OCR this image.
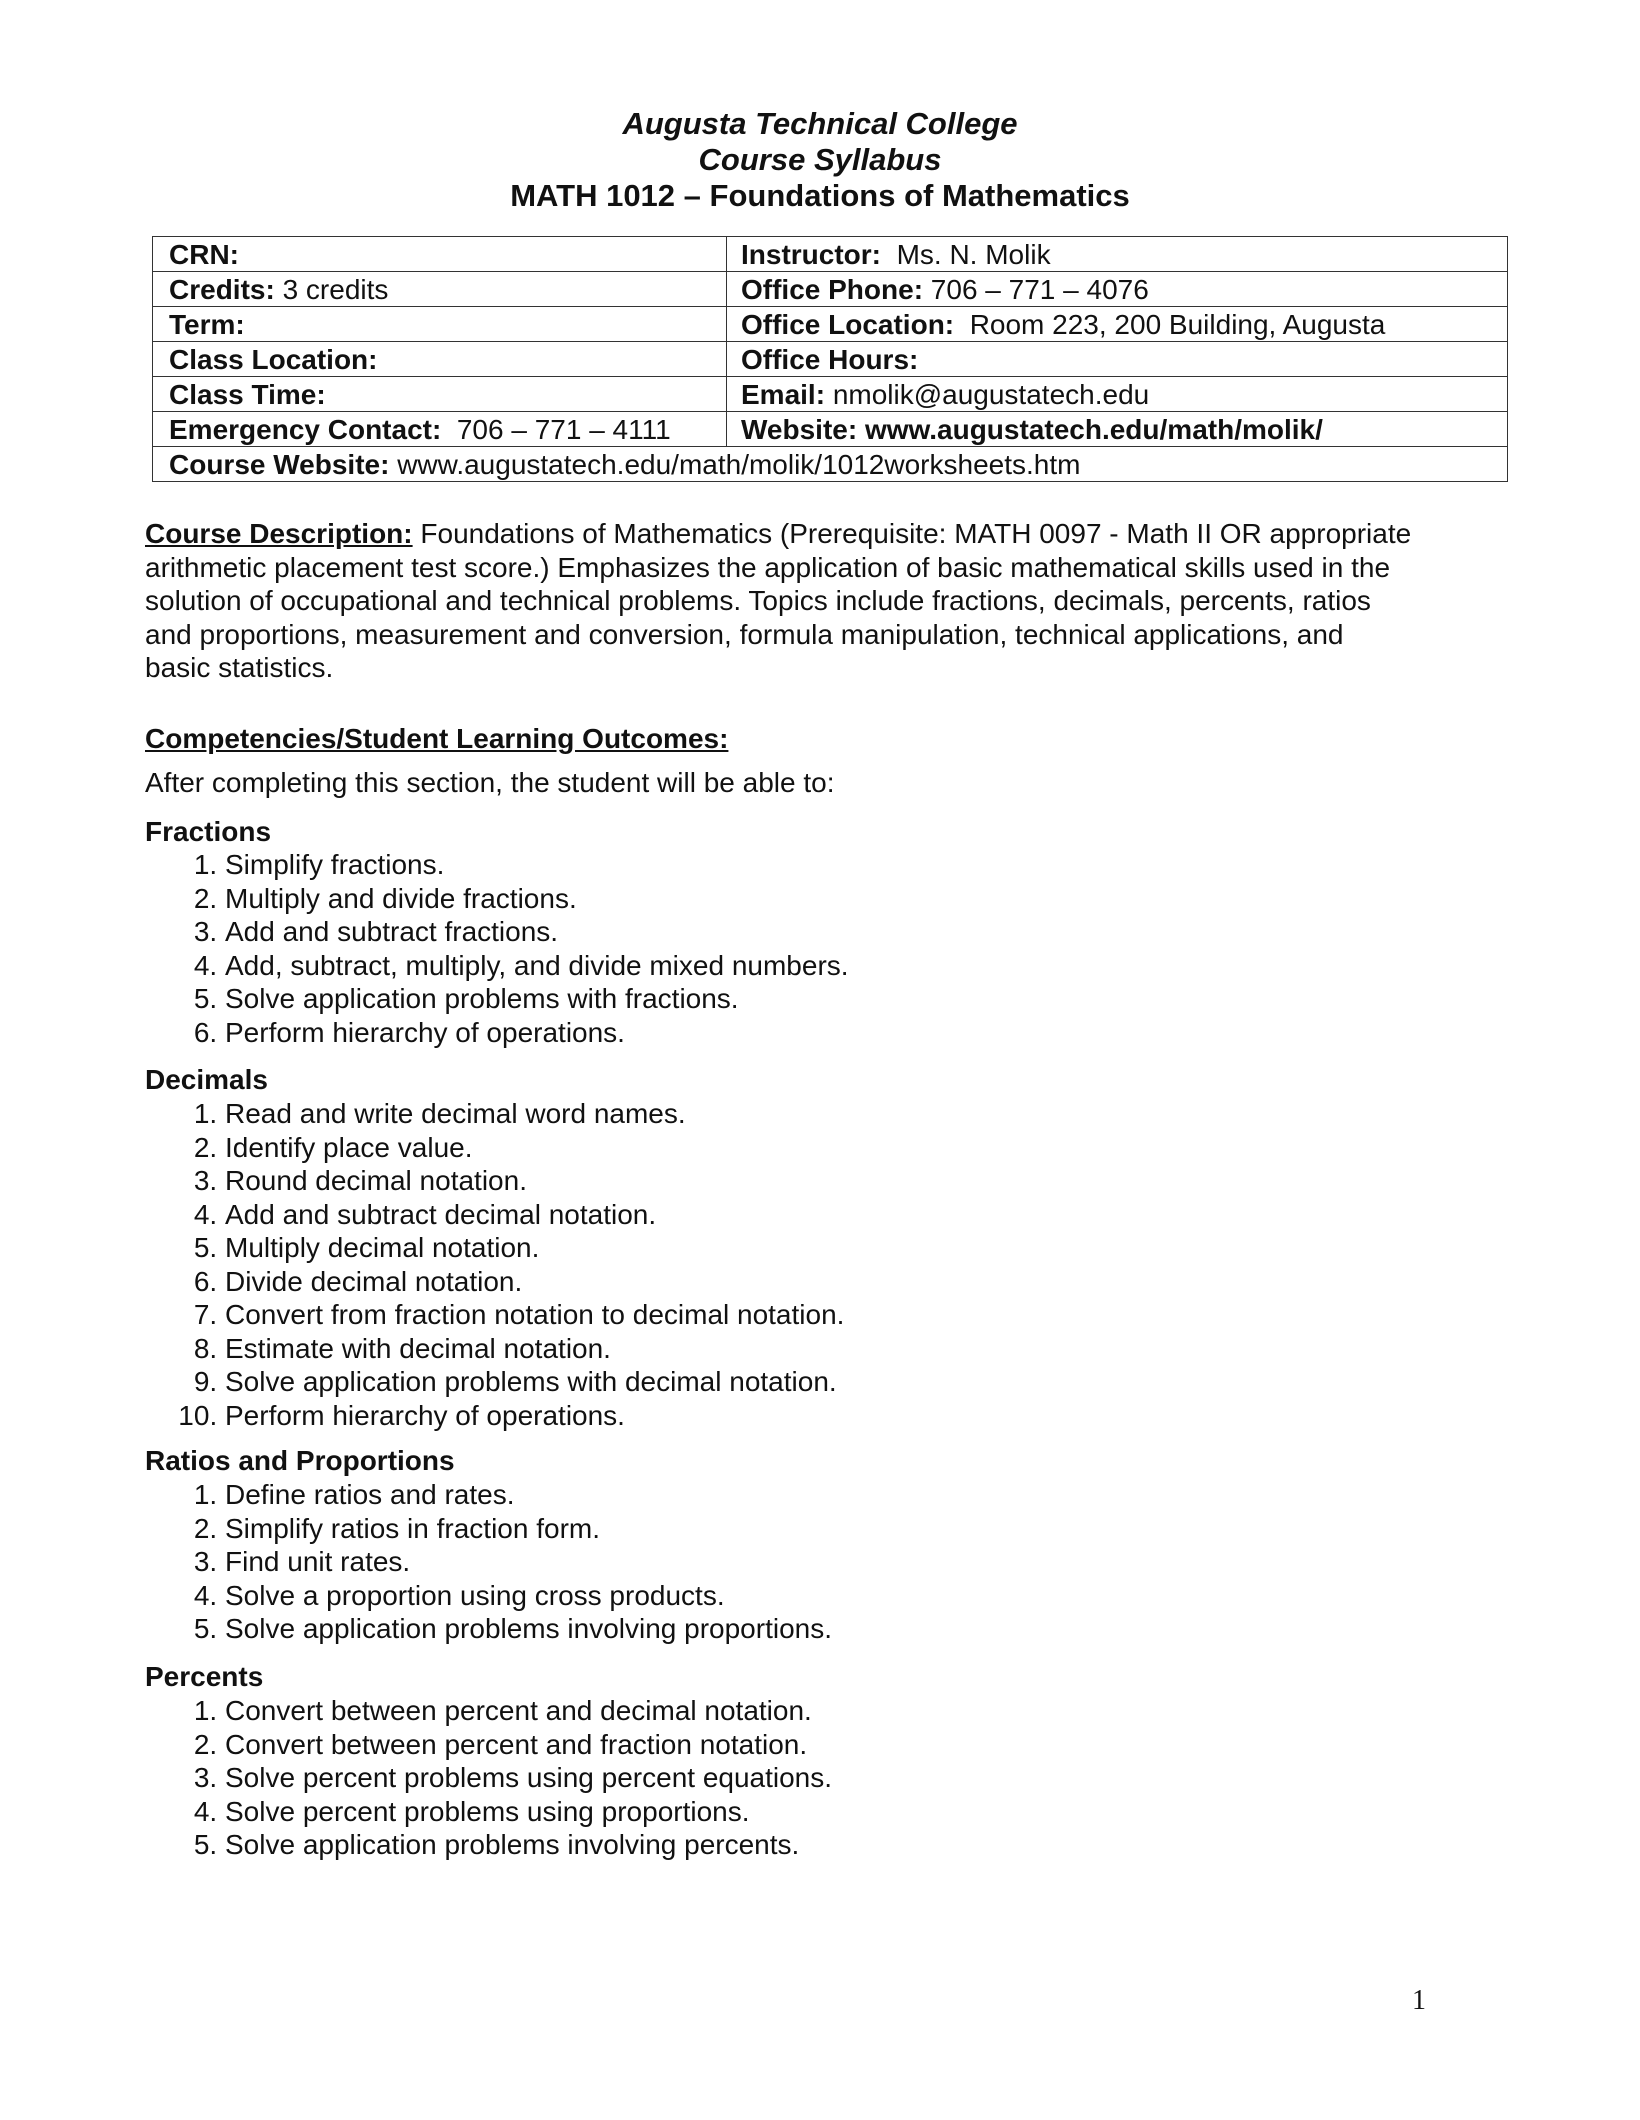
Augusta Technical College
Course Syllabus
MATH 1012 – Foundations of Mathematics
CRN:	Instructor: Ms. N. Molik
Credits: 3 credits	Office Phone: 706 – 771 – 4076
Term:	Office Location: Room 223, 200 Building, Augusta
Class Location:	Office Hours:
Class Time:	Email: nmolik@augustatech.edu
Emergency Contact: 706 – 771 – 4111	Website: www.augustatech.edu/math/molik/
Course Website: www.augustatech.edu/math/molik/1012worksheets.htm	
Course Description: Foundations of Mathematics (Prerequisite: MATH 0097 - Math II OR appropriate arithmetic placement test score.) Emphasizes the application of basic mathematical skills used in the solution of occupational and technical problems. Topics include fractions, decimals, percents, ratios and proportions, measurement and conversion, formula manipulation, technical applications, and basic statistics.
Competencies/Student Learning Outcomes:
After completing this section, the student will be able to:
Fractions
1. Simplify fractions.
2. Multiply and divide fractions.
3. Add and subtract fractions.
4. Add, subtract, multiply, and divide mixed numbers.
5. Solve application problems with fractions.
6. Perform hierarchy of operations.
Decimals
1. Read and write decimal word names.
2. Identify place value.
3. Round decimal notation.
4. Add and subtract decimal notation.
5. Multiply decimal notation.
6. Divide decimal notation.
7. Convert from fraction notation to decimal notation.
8. Estimate with decimal notation.
9. Solve application problems with decimal notation.
10. Perform hierarchy of operations.
Ratios and Proportions
1. Define ratios and rates.
2. Simplify ratios in fraction form.
3. Find unit rates.
4. Solve a proportion using cross products.
5. Solve application problems involving proportions.
Percents
1. Convert between percent and decimal notation.
2. Convert between percent and fraction notation.
3. Solve percent problems using percent equations.
4. Solve percent problems using proportions.
5. Solve application problems involving percents.
1
